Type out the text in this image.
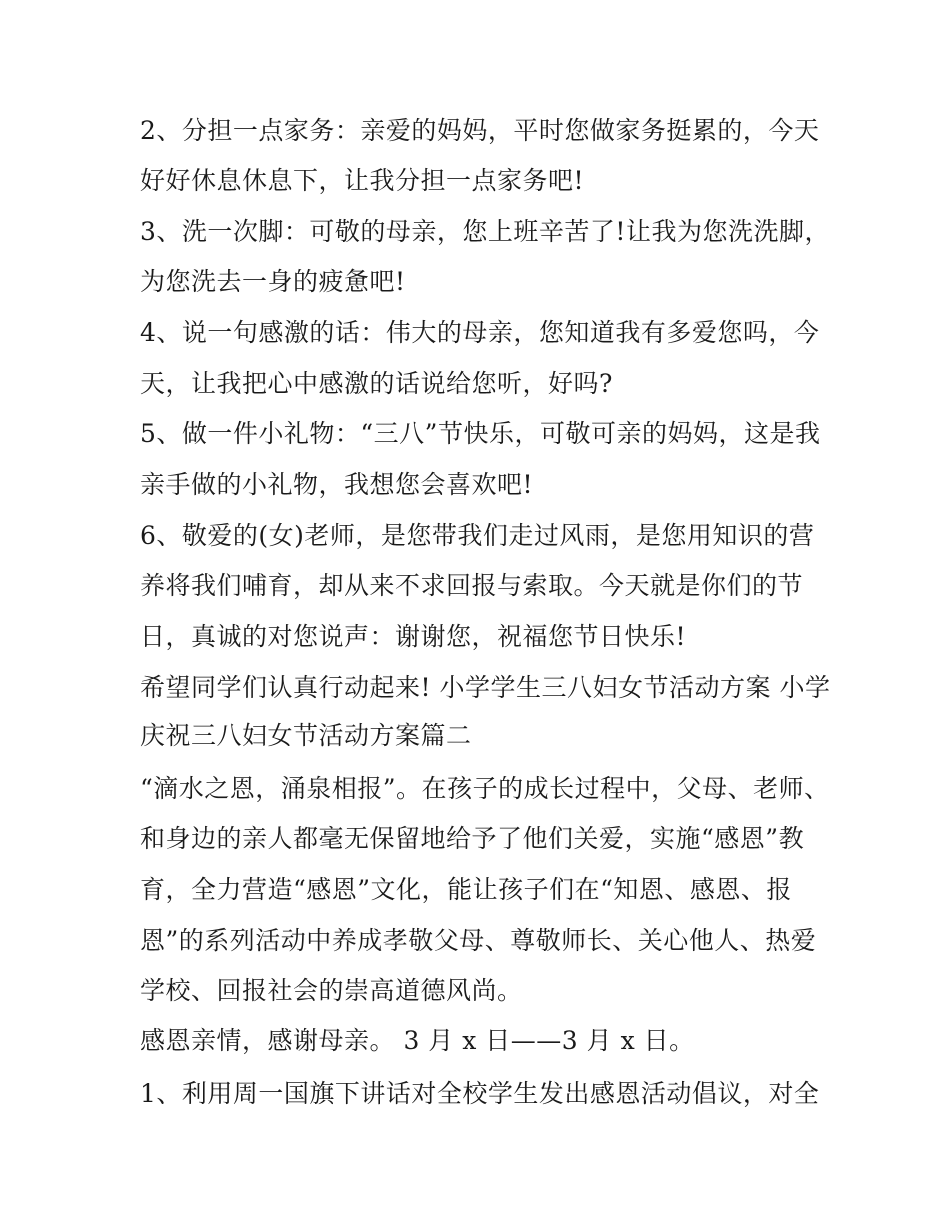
2、分担一点家务：亲爱的妈妈，平时您做家务挺累的，今天
好好休息休息下，让我分担一点家务吧!
3、洗一次脚：可敬的母亲，您上班辛苦了!让我为您洗洗脚，
为您洗去一身的疲惫吧!
4、说一句感激的话：伟大的母亲，您知道我有多爱您吗，今
天，让我把心中感激的话说给您听，好吗?
5、做一件小礼物：“三八”节快乐，可敬可亲的妈妈，这是我
亲手做的小礼物，我想您会喜欢吧!
6、敬爱的(女)老师，是您带我们走过风雨，是您用知识的营
养将我们哺育，却从来不求回报与索取。今天就是你们的节
日，真诚的对您说声：谢谢您，祝福您节日快乐!
希望同学们认真行动起来! 小学学生三八妇女节活动方案 小学
庆祝三八妇女节活动方案篇二
“滴水之恩，涌泉相报”。在孩子的成长过程中，父母、老师、
和身边的亲人都毫无保留地给予了他们关爱，实施“感恩”教
育，全力营造“感恩”文化，能让孩子们在“知恩、感恩、报
恩”的系列活动中养成孝敬父母、尊敬师长、关心他人、热爱
学校、回报社会的崇高道德风尚。
感恩亲情，感谢母亲。 3 月 x 日——3 月 x 日。
1、利用周一国旗下讲话对全校学生发出感恩活动倡议，对全
